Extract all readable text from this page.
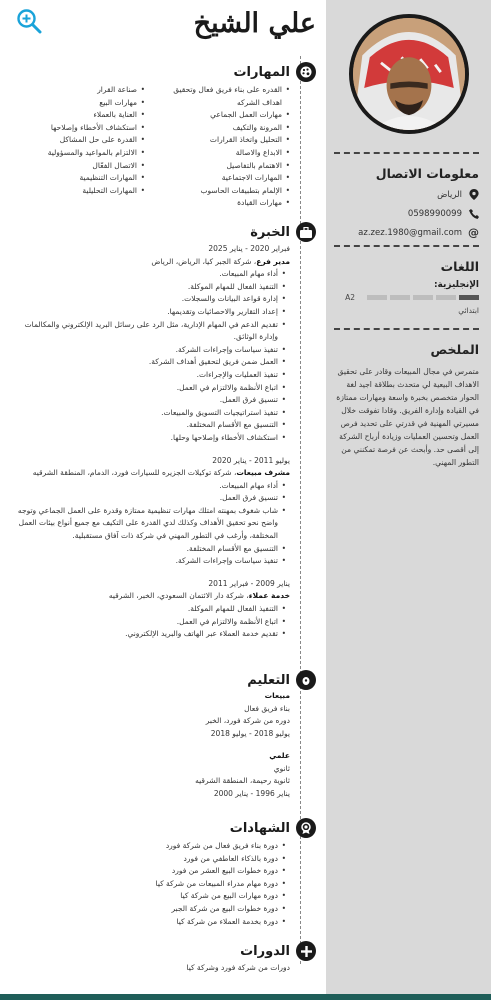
معلومات الاتصال
الرياض
0598990099
@
az.zez.1980@gmail.com
اللغات
الإنجليزية:
A2
ابتدائي
الملخص
متمرس في مجال المبيعات وقادر على تحقيق الاهداف البيعية لي متحدث بطلاقة اجيد لغة الحوار متخصص بخبرة واسعة ومهارات ممتازة في القيادة وإدارة الفريق. وقادا تفوقت خلال مسيرتي المهنية في قدرتي على تحديد فرص العمل وتحسين العمليات وزيادة أرباح الشركة إلى أقصى حد. وأبحث عن فرصة تمكنني من التطور المهني.
علي الشيخ
المهارات
• القدره على بناء فريق فعال وتحقيق اهداف الشركه
• مهارات العمل الجماعي
• المرونة والتكيف
• التحليل واتخاذ القرارات
• الابداع والاصالة
• الاهتمام بالتفاصيل
• المهارات الاجتماعية
• الإلمام بتطبيقات الحاسوب
• مهارات القيادة
• صناعة القرار
• مهارات البيع
• العناية بالعملاء
• استكشاف الأخطاء وإصلاحها
• القدرة على حل المشاكل
• الالتزام بالمواعيد والمسؤولية
• الاتصال الفعّال
• المهارات التنظيمية
• المهارات التحليلية
الخبرة
فبراير 2020 - يناير 2025
مدير فرع، شركة الجبر كيا، الرياض، الرياض
• أداء مهام المبيعات.
• التنفيذ الفعال للمهام الموكلة.
• إدارة قواعد البيانات والسجلات.
• إعداد التقارير والاحصائيات وتقديمها.
• تقديم الدعم في المهام الإدارية، مثل الرد على رسائل البريد الإلكتروني والمكالمات وإدارة الوثائق.
• تنفيذ سياسات وإجراءات الشركة.
• العمل ضمن فريق لتحقيق أهداف الشركة.
• تنفيذ العمليات والإجراءات.
• اتباع الأنظمة والالتزام في العمل.
• تنسيق فرق العمل.
• تنفيذ استراتيجيات التسويق والمبيعات.
• التنسيق مع الأقسام المختلفة.
• استكشاف الأخطاء وإصلاحها وحلها.
يوليو 2011 - يناير 2020
مشرف مبيعات، شركة توكيلات الجزيره للسيارات فورد، الدمام، المنطقة الشرقيه
• أداء مهام المبيعات.
• تنسيق فرق العمل.
• شاب شغوف بمهنته امتلك مهارات تنظيمية ممتازة وقدرة على العمل الجماعي وتوجه واضح نحو تحقيق الأهداف وكذلك لدي القدرة على التكيف مع جميع أنواع بيئات العمل المختلفة، وأرغب في التطور المهني في شركة ذات آفاق مستقبلية.
• التنسيق مع الأقسام المختلفة.
• تنفيذ سياسات وإجراءات الشركة.
يناير 2009 - فبراير 2011
خدمة عملاء، شركة دار الائتمان السعودي، الخبر، الشرقيه
• التنفيذ الفعال للمهام الموكلة.
• اتباع الأنظمة والالتزام في العمل.
• تقديم خدمة العملاء عبر الهاتف والبريد الإلكتروني.
التعليم
مبيعات
بناء فريق فعال
دوره من شركة فورد، الخبر
يوليو 2018 - يوليو 2018
علمي
ثانوي
ثانوية رحيمة، المنطقة الشرقيه
يناير 1996 - يناير 2000
الشهادات
• دورة بناء فريق فعال من شركة فورد
• دورة بالذكاء العاطفي من فورد
• دورة خطوات البيع العشر من فورد
• دورة مهام مدراء المبيعات من شركة كيا
• دورة مهارات البيع من شركة كيا
• دورة خطوات البيع من شركة الجبر
• دورة بخدمة العملاء من شركة كيا
الدورات
دورات من شركة فورد وشركة كيا
